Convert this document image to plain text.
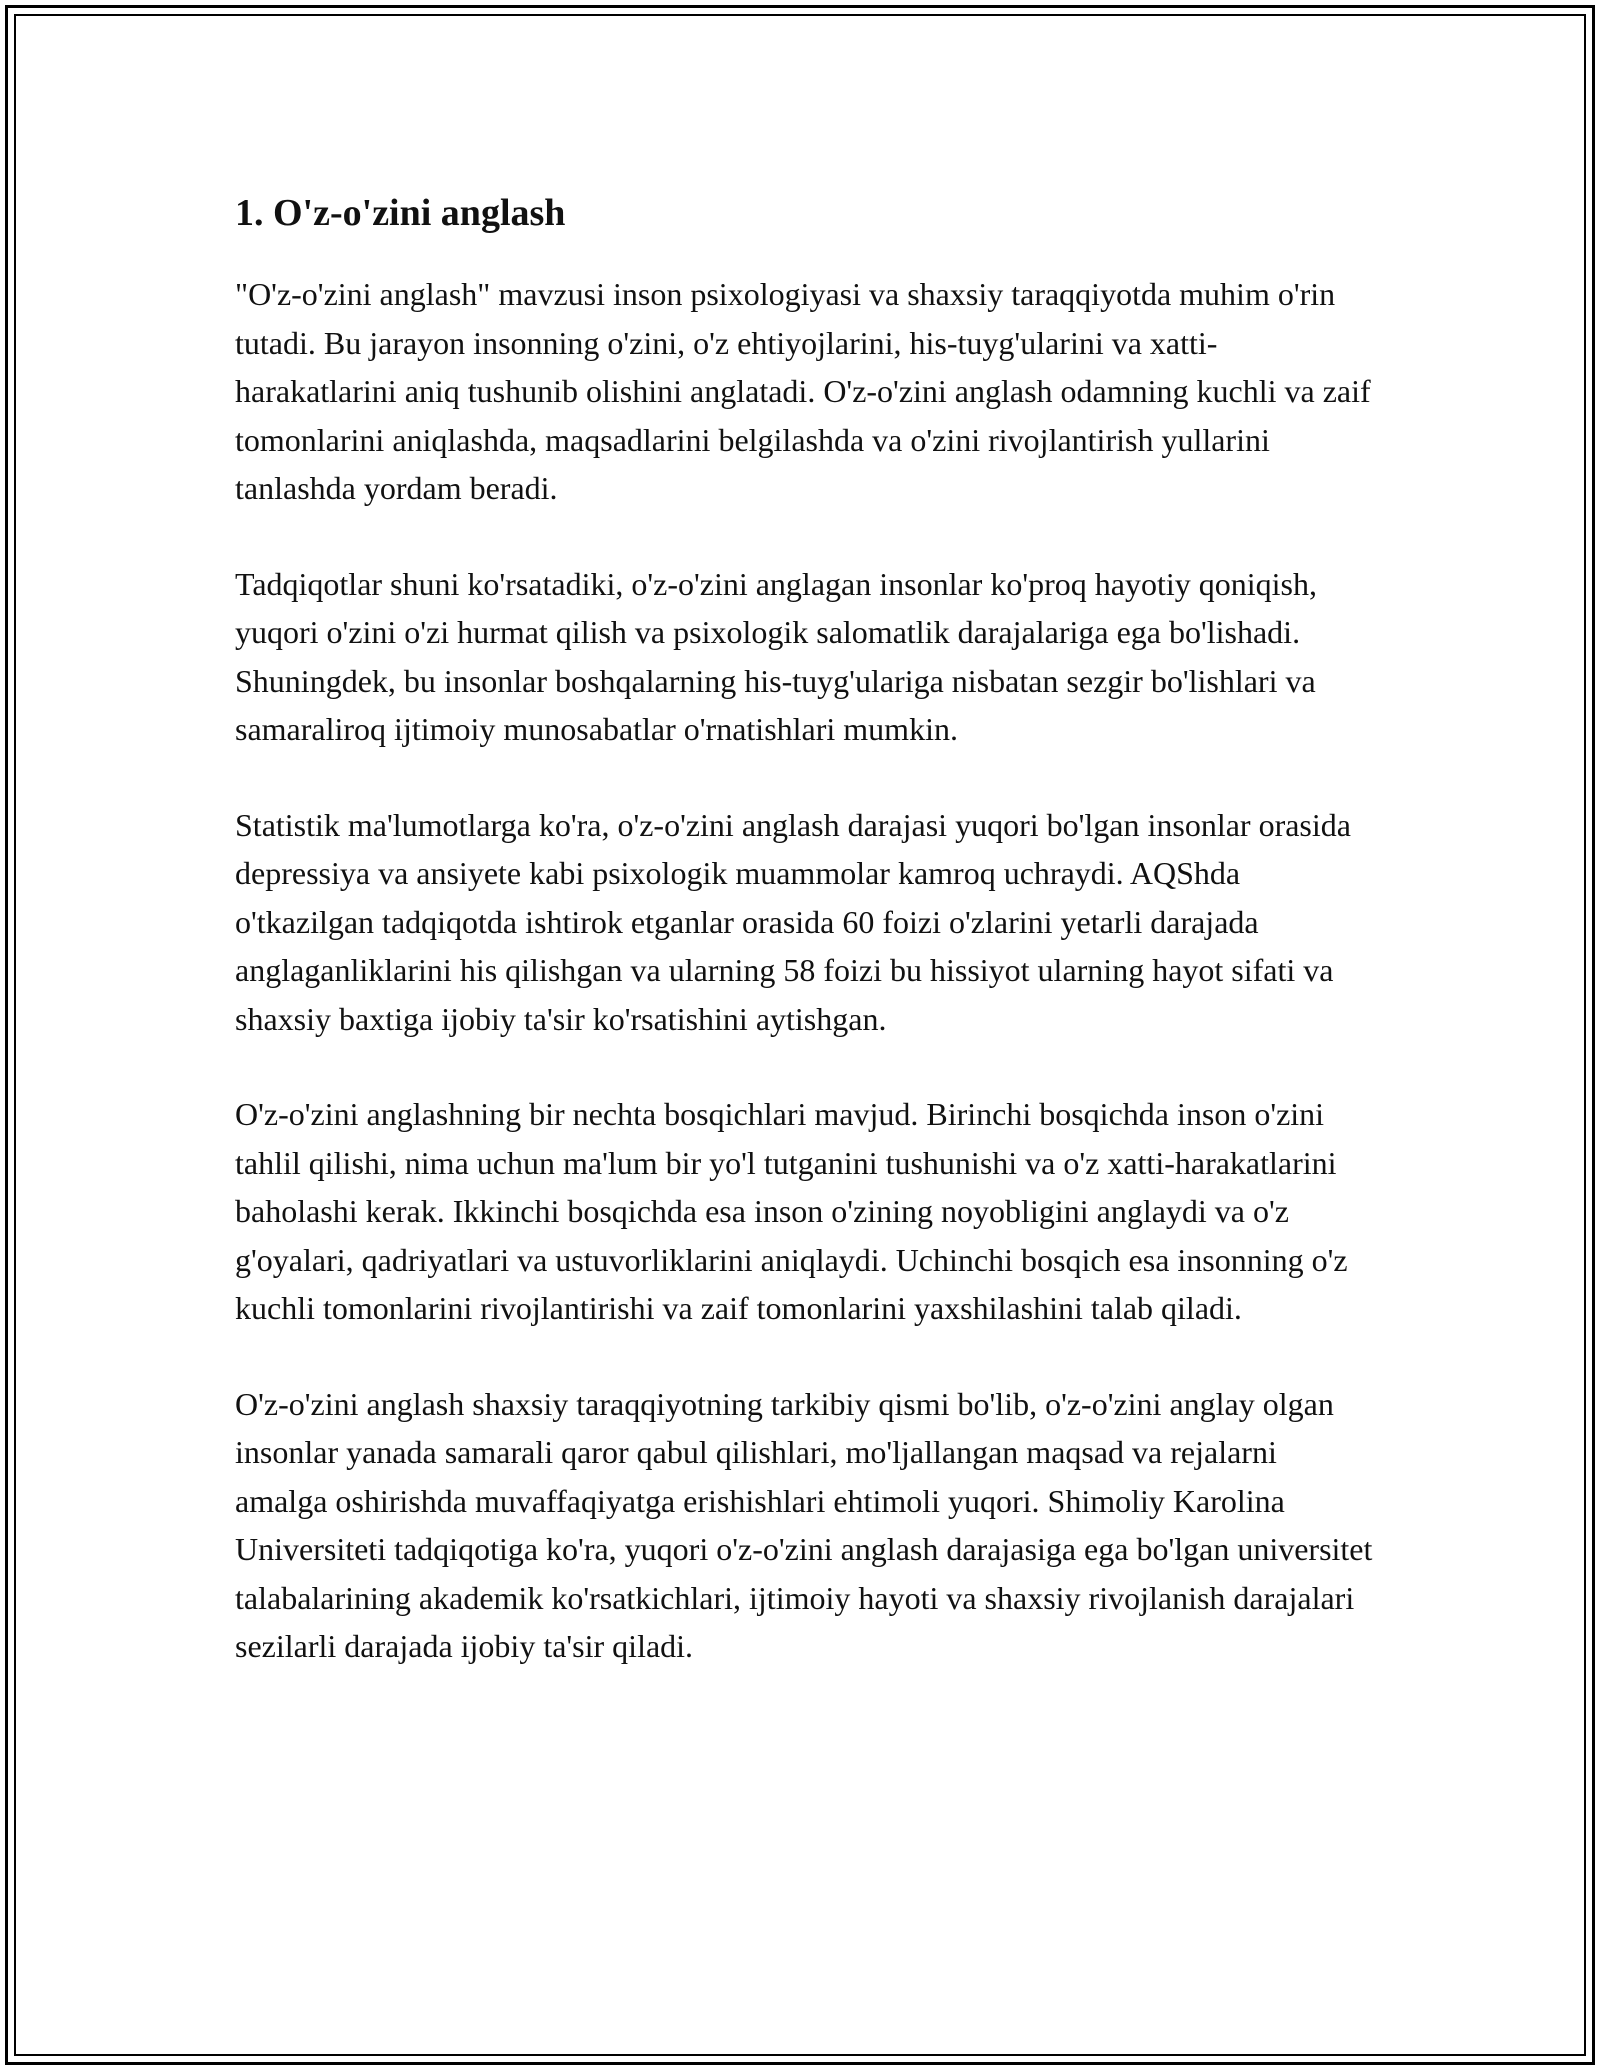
1. O'z-o'zini anglash

"O'z-o'zini anglash" mavzusi inson psixologiyasi va shaxsiy taraqqiyotda muhim o'rin tutadi. Bu jarayon insonning o'zini, o'z ehtiyojlarini, his-tuyg'ularini va xatti-harakatlarini aniq tushunib olishini anglatadi. O'z-o'zini anglash odamning kuchli va zaif tomonlarini aniqlashda, maqsadlarini belgilashda va o'zini rivojlantirish yullarini tanlashda yordam beradi.

Tadqiqotlar shuni ko'rsatadiki, o'z-o'zini anglagan insonlar ko'proq hayotiy qoniqish, yuqori o'zini o'zi hurmat qilish va psixologik salomatlik darajalariga ega bo'lishadi. Shuningdek, bu insonlar boshqalarning his-tuyg'ulariga nisbatan sezgir bo'lishlari va samaraliroq ijtimoiy munosabatlar o'rnatishlari mumkin.

Statistik ma'lumotlarga ko'ra, o'z-o'zini anglash darajasi yuqori bo'lgan insonlar orasida depressiya va ansiyete kabi psixologik muammolar kamroq uchraydi. AQShda o'tkazilgan tadqiqotda ishtirok etganlar orasida 60 foizi o'zlarini yetarli darajada anglaganliklarini his qilishgan va ularning 58 foizi bu hissiyot ularning hayot sifati va shaxsiy baxtiga ijobiy ta'sir ko'rsatishini aytishgan.

O'z-o'zini anglashning bir nechta bosqichlari mavjud. Birinchi bosqichda inson o'zini tahlil qilishi, nima uchun ma'lum bir yo'l tutganini tushunishi va o'z xatti-harakatlarini baholashi kerak. Ikkinchi bosqichda esa inson o'zining noyobligini anglaydi va o'z g'oyalari, qadriyatlari va ustuvorliklarini aniqlaydi. Uchinchi bosqich esa insonning o'z kuchli tomonlarini rivojlantirishi va zaif tomonlarini yaxshilashini talab qiladi.

O'z-o'zini anglash shaxsiy taraqqiyotning tarkibiy qismi bo'lib, o'z-o'zini anglay olgan insonlar yanada samarali qaror qabul qilishlari, mo'ljallangan maqsad va rejalarni amalga oshirishda muvaffaqiyatga erishishlari ehtimoli yuqori. Shimoliy Karolina Universiteti tadqiqotiga ko'ra, yuqori o'z-o'zini anglash darajasiga ega bo'lgan universitet talabalarining akademik ko'rsatkichlari, ijtimoiy hayoti va shaxsiy rivojlanish darajalari sezilarli darajada ijobiy ta'sir qiladi.
